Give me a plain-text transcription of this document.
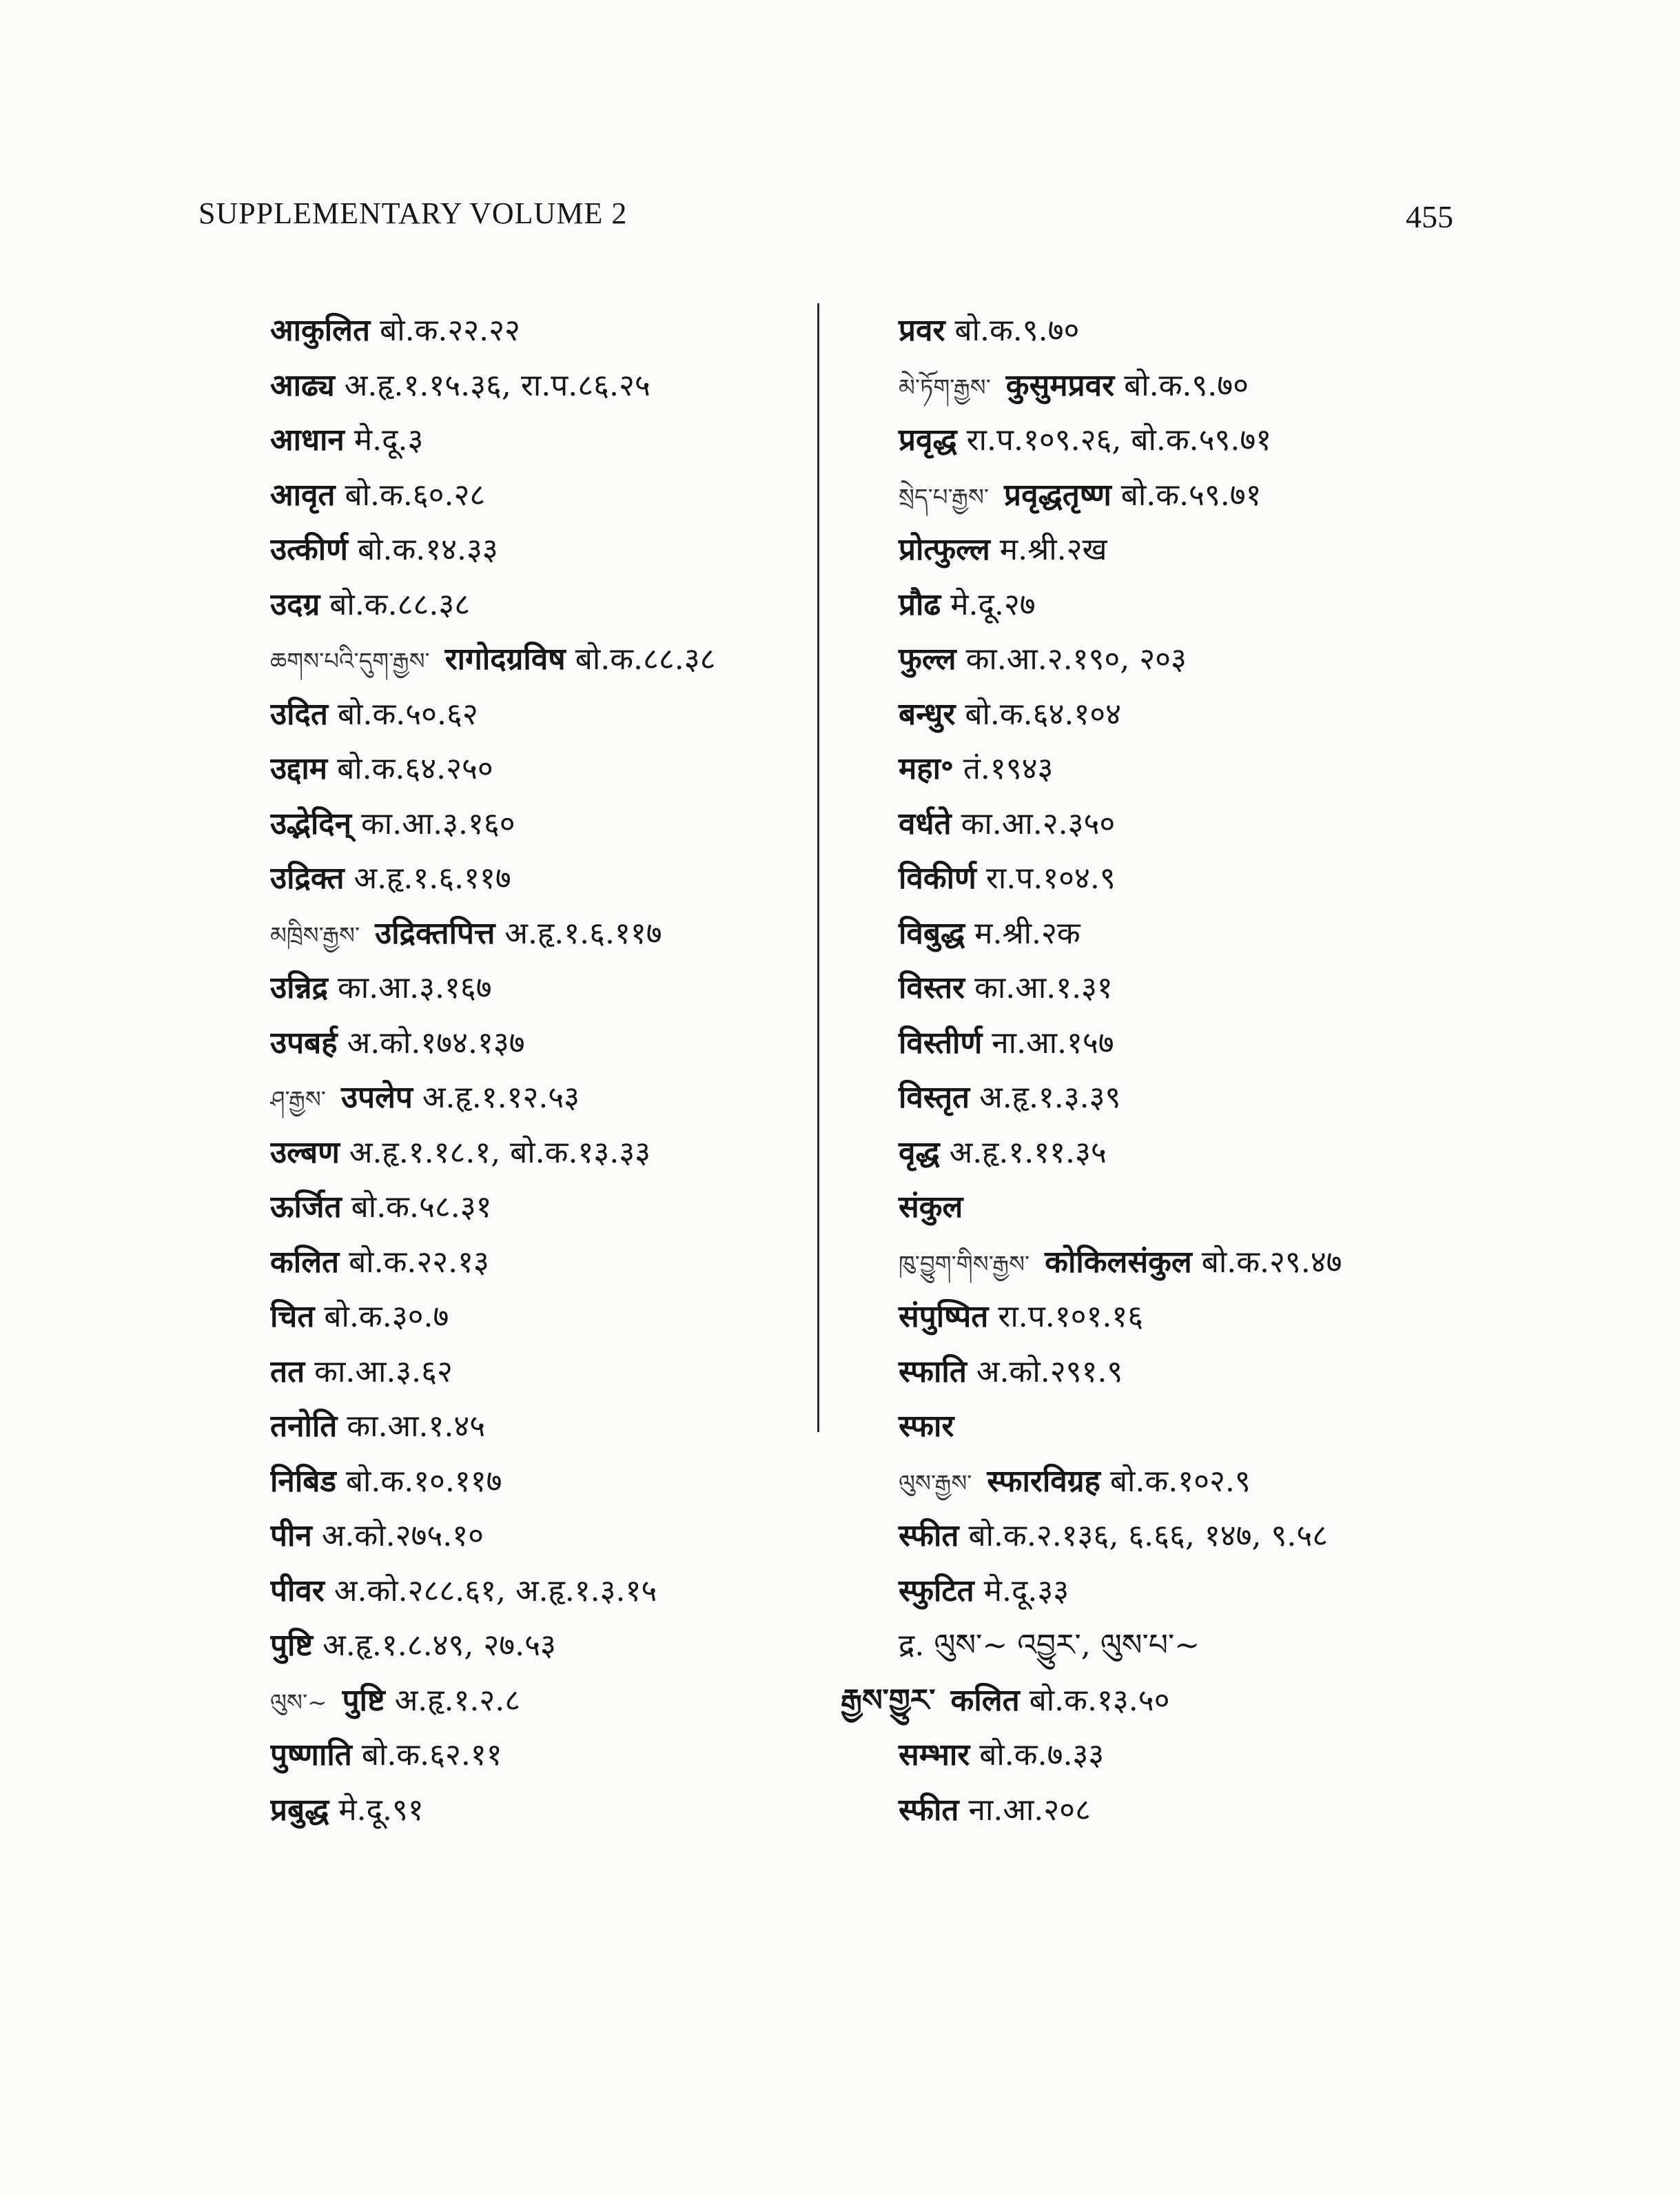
SUPPLEMENTARY VOLUME 2	455
आकुलित बो.क.२२.२२
आढ्य अ.हृ.१.१५.३६, रा.प.८६.२५
आधान मे.दू.३
आवृत बो.क.६०.२८
उत्कीर्ण बो.क.१४.३३
उदग्र बो.क.८८.३८
ཆགས་པའི་དུག་རྒྱས་ रागोदग्रविष बो.क.८८.३८
उदित बो.क.५०.६२
उद्दाम बो.क.६४.२५०
उद्भेदिन् का.आ.३.१६०
उद्रिक्त अ.हृ.१.६.११७
མཁྲིས་རྒྱས་ उद्रिक्तपित्त अ.हृ.१.६.११७
उन्निद्र का.आ.३.१६७
उपबर्ह अ.को.१७४.१३७
ཤ་རྒྱས་ उपलेप अ.हृ.१.१२.५३
उल्बण अ.हृ.१.१८.१, बो.क.१३.३३
ऊर्जित बो.क.५८.३१
कलित बो.क.२२.१३
चित बो.क.३०.७
तत का.आ.३.६२
तनोति का.आ.१.४५
निबिड बो.क.१०.११७
पीन अ.को.२७५.१०
पीवर अ.को.२८८.६१, अ.हृ.१.३.१५
पुष्टि अ.हृ.१.८.४९, २७.५३
ལུས་~ पुष्टि अ.हृ.१.२.८
पुष्णाति बो.क.६२.११
प्रबुद्ध मे.दू.९१
प्रवर बो.क.९.७०
མེ་ཏོག་རྒྱས་ कुसुमप्रवर बो.क.९.७०
प्रवृद्ध रा.प.१०९.२६, बो.क.५९.७१
སྲེད་པ་རྒྱས་ प्रवृद्धतृष्ण बो.क.५९.७१
प्रोत्फुल्ल म.श्री.२ख
प्रौढ मे.दू.२७
फुल्ल का.आ.२.१९०, २०३
बन्धुर बो.क.६४.१०४
महा॰ तं.१९४३
वर्धते का.आ.२.३५०
विकीर्ण रा.प.१०४.९
विबुद्ध म.श्री.२क
विस्तर का.आ.१.३१
विस्तीर्ण ना.आ.१५७
विस्तृत अ.हृ.१.३.३९
वृद्ध अ.हृ.१.११.३५
संकुल
ཁུ་བྱུག་གིས་རྒྱས་ कोकिलसंकुल बो.क.२९.४७
संपुष्पित रा.प.१०१.१६
स्फाति अ.को.२९१.९
स्फार
ལུས་རྒྱས་ स्फारविग्रह बो.क.१०२.९
स्फीत बो.क.२.१३६, ६.६६, १४७, ९.५८
स्फुटित मे.दू.३३
द्र. ལུས་~ འབྱུར་, ལུས་པ་~
རྒྱས་གྱུར་ कलित बो.क.१३.५०
सम्भार बो.क.७.३३
स्फीत ना.आ.२०८
